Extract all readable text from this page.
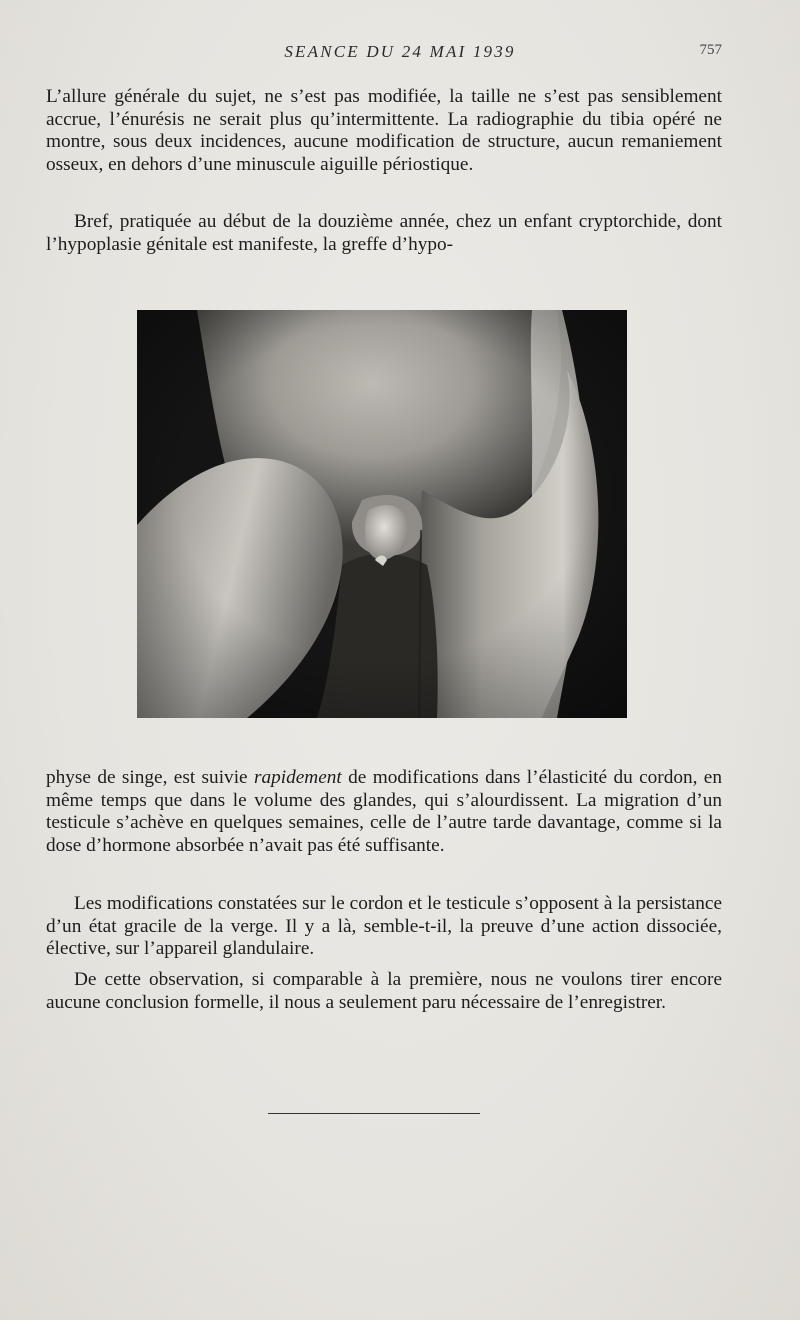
SEANCE DU 24 MAI 1939	757

L’allure générale du sujet, ne s’est pas modifiée, la taille ne s’est pas sensiblement accrue, l’énurésis ne serait plus qu’intermittente. La radiographie du tibia opéré ne montre, sous deux incidences, aucune modification de structure, aucun remaniement osseux, en dehors d’une minuscule aiguille périostique.

Bref, pratiquée au début de la douzième année, chez un enfant cryptorchide, dont l’hypoplasie génitale est manifeste, la greffe d’hypo-

physe de singe, est suivie rapidement de modifications dans l’élasticité du cordon, en même temps que dans le volume des glandes, qui s’alourdissent. La migration d’un testicule s’achève en quelques semaines, celle de l’autre tarde davantage, comme si la dose d’hormone absorbée n’avait pas été suffisante.

Les modifications constatées sur le cordon et le testicule s’opposent à la persistance d’un état gracile de la verge. Il y a là, semble-t-il, la preuve d’une action dissociée, élective, sur l’appareil glandulaire.

De cette observation, si comparable à la première, nous ne voulons tirer encore aucune conclusion formelle, il nous a seulement paru nécessaire de l’enregistrer.
